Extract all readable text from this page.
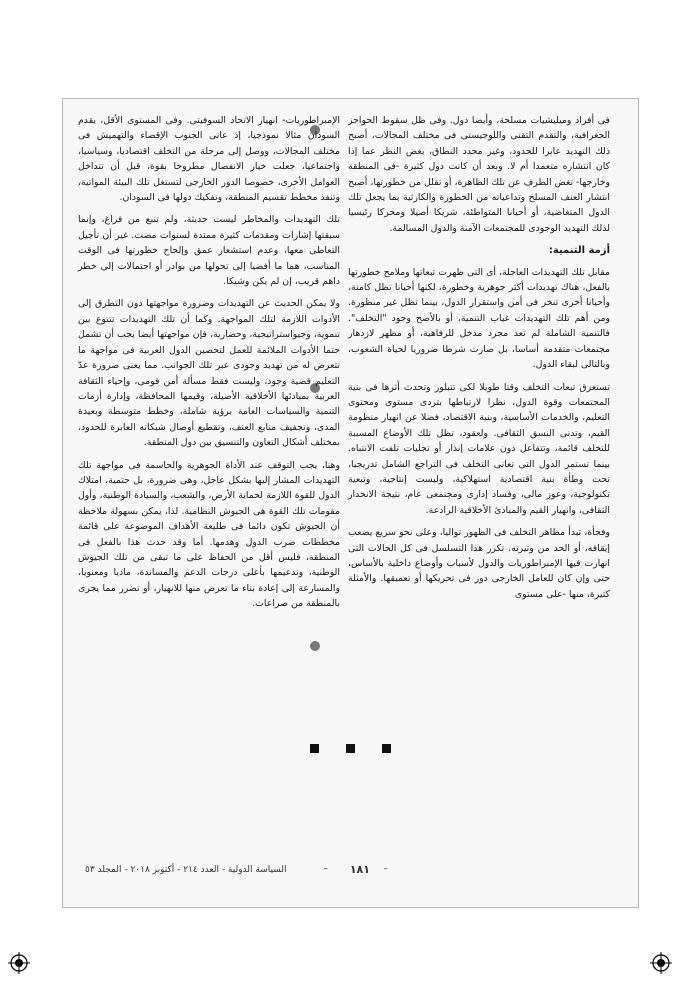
فى أفراد وميليشيات مسلحة، وأيضا دول. وفى ظل سقوط الحواجز الجغرافية، والتقدم التقنى واللوجيستى فى مختلف المجالات، أصبح ذلك التهديد عابرا للحدود، وغير محدد النطاق، بغض النظر عما إذا كان انتشاره متعمدا أم لا. وبعد أن كانت دول كثيرة -فى المنطقة وخارجها- تغض الطرف عن تلك الظاهرة، أو تقلل من خطورتها، أصبح انتشار العنف المسلح وتداعياته من الخطورة والكارثية بما يجعل تلك الدول المتغاضية، أو أحيانا المتواطئة، شريكا أصيلا ومحركا رئيسيا لذلك التهديد الوجودى للمجتمعات الآمنة والدول المسالمة.

أزمة التنمية:

مقابل تلك التهديدات العاجلة، أى التى ظهرت تبعاتها وملامح خطورتها بالفعل، هناك تهديدات أكثر جوهرية وخطورة، لكنها أحيانا تظل كامنة، وأحيانا أخرى تنخر فى أمن واستقرار الدول، بينما تظل غير منظورة. ومن أهم تلك التهديدات غياب التنمية، أو بالأصح وجود "التخلف". فالتنمية الشاملة لم تعد مجرد مدخل للرفاهية، أو مظهر لازدهار مجتمعات متقدمة أساسا، بل صارت شرطا ضروريا لحياة الشعوب، وبالتالى لبقاء الدول.

تستغرق تبعات التخلف وقتا طويلا لكى تتبلور وتحدث أثرها فى بنية المجتمعات وقوة الدول، نظرا لارتباطها بتردى مستوى ومحتوى التعليم، والخدمات الأساسية، وبنية الاقتصاد، فضلا عن انهيار منظومة القيم، وتدنى النسق الثقافى. ولعقود، تظل تلك الأوضاع المسببة للتخلف قائمة، وتتفاعل دون علامات إنذار أو تجليات تلفت الانتباه. بينما تستمر الدول التى تعانى التخلف فى التراجع الشامل تدريجيا، تحت وطأة بنية اقتصادية استهلاكية، وليست إنتاجية، وتبعية تكنولوجية، وعوز مالى، وفساد إدارى ومجتمعى عام، نتيجة الانحدار الثقافى، وانهيار القيم والمبادئ الأخلاقية الرادعة.

وفجأة، تبدأ مظاهر التخلف فى الظهور تواليا، وعلى نحو سريع يصعب إيقافه، أو الحد من وتيرته. تكرر هذا التسلسل فى كل الحالات التى انهارت فيها الإمبراطوريات والدول لأسباب وأوضاع داخلية بالأساس، حتى وإن كان للعامل الخارجى دور فى تحريكها أو تعميقها. والأمثلة كثيرة، منها -على مستوى

الإمبراطوريات- انهيار الاتحاد السوفيتى. وفى المستوى الأقل، يقدم السودان مثالا نموذجيا، إذ عانى الجنوب الإقصاء والتهميش فى مختلف المجالات، ووصل إلى مرحلة من التخلف اقتصاديا، وسياسيا، واجتماعيا، جعلت خيار الانفصال مطروحا بقوة، قبل أن تتداخل العوامل الأخرى، خصوصا الدور الخارجى لتستغل تلك البيئة المواتية، وتنفذ مخطط تقسيم المنطقة، وتفكيك دولها فى السودان.

تلك التهديدات والمخاطر ليست حديثة، ولم تنبع من فراغ، وإنما سبقتها إشارات ومقدمات كثيرة ممتدة لسنوات مضت. غير أن تأجيل التعاطى معها، وعدم استشعار عمق وإلحاح خطورتها فى الوقت المناسب، هما ما أفضيا إلى تحولها من بوادر أو احتمالات إلى خطر داهم قريب، إن لم يكن وشيكا.

ولا يمكن الحديث عن التهديدات وضرورة مواجهتها دون التطرق إلى الأدوات اللازمة لتلك المواجهة. وكما أن تلك التهديدات تتنوع بين تنموية، وجيواستراتيجية، وحضارية، فإن مواجهتها أيضا يجب أن تشمل حتما الأدوات الملائمة للعمل لتحصين الدول العربية فى مواجهة ما تتعرض له من تهديد وجودى عبر تلك الجوانب. مما يعنى ضرورة عدّ التعليم قضية وجود، وليست فقط مسألة أمن قومى، وإحياء الثقافة العربية بمبادئها الأخلاقية الأصيلة، وقيمها المحافظة، وإدارة أزمات التنمية والسياسات العامة برؤية شاملة، وخطط متوسطة وبعيدة المدى، وتجفيف منابع العنف، وتقطيع أوصال شبكاته العابرة للحدود، بمختلف أشكال التعاون والتنسيق بين دول المنطقة.

وهنا، يجب التوقف عند الأداة الجوهرية والحاسمة فى مواجهة تلك التهديدات المشار إليها بشكل عاجل، وهى ضرورة، بل حتمية، امتلاك الدول للقوة اللازمة لحماية الأرض، والشعب، والسيادة الوطنية، وأول مقومات تلك القوة هى الجيوش النظامية. لذا، يمكن بسهولة ملاحظة أن الجيوش تكون دائما فى طليعة الأهداف الموضوعة على قائمة مخططات ضرب الدول وهدمها. أما وقد حدث هذا بالفعل فى المنطقة، فليس أقل من الحفاظ على ما تبقى من تلك الجيوش الوطنية، وتدعيمها بأعلى درجات الدعم والمساندة، ماديا ومعنويا، والمسارعة إلى إعادة بناء ما تعرض منها للانهيار، أو تضرر مما يجرى بالمنطقة من صراعات.

– ١٨١ –
السياسة الدولية - العدد ٢١٤ - أكتوبر ٢٠١٨ - المجلد ٥٣
